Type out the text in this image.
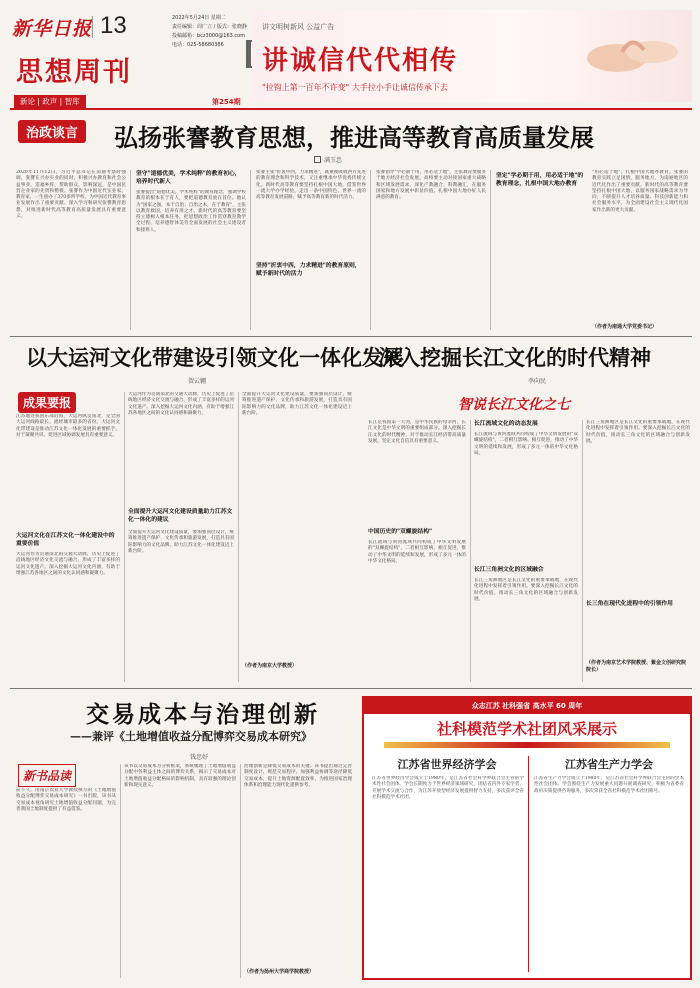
新华日报 13
思想周刊
新论 | 政声 | 智库
2022年5月24日 星期二
责任编辑：周广立 / 版式：张晓静
投稿邮箱：bcz3000@163.com
电话：025-58680386
讲文明树新风 公益广告
讲诚信代代相传
"拉钩上第一百年不许变" 大手拉小手让诚信传承下去
第254期
治政谈言	弘扬张謇教育思想，推进高等教育高质量发展
满玉忠
2020年11月12日，习近平总书记在南通考察时强调，张謇在兴办实业的同时，积极兴办教育和社会公益事业，造福乡梓，帮助群众，影响深远，是中国民营企业家的先贤和楷模。张謇作为中国近代实业家、教育家，一生创办了370多所学校，为中国近代教育事业发展作出了重要贡献。深入学习和研究张謇教育思想，对推进新时代高等教育高质量发展具有重要意义。
坚守"道德优美，学术纯粹"的教育初心，培养时代新人
张謇提出"道德优美，学术纯粹"的教育理念，强调学校教育的根本在于育人，要把道德教育放在首位。他认为"国家之强，本于自治；自治之本，在于教育"，主张以教育救国，培养有用之才。新时代的高等教育要坚持立德树人根本任务，把思想政治工作贯穿教育教学全过程，培养德智体美劳全面发展的社会主义建设者和接班人。
坚持"折衷中西，力求精进"的教育原则，赋予新时代的活力
张謇主张"折衷中西，力求精进"，既重视吸收西方先进的教育理念和科学技术，又注重继承中华优秀传统文化。新时代高等教育要坚持扎根中国大地，借鉴世界一流大学办学经验，走出一条中国特色、世界一流的高等教育发展道路，赋予高等教育新的时代活力。
张謇倡导"学必期于用，用必适于地"，主张教育要服务于地方经济社会发展。高校要主动对接国家重大战略和区域发展需求，深化产教融合、科教融汇，在服务国家和地方发展中彰显价值，扎根中国大地办好人民满意的教育。
坚定"学必期于用，用必适于地"的教育理念，扎根中国大地办教育
"用必适于地"，扎根中国大地办教育。张謇的教育实践立足国情，服务地方，为南通地区的近代化作出了重要贡献。新时代的高等教育要坚持扎根中国大地，以服务国家战略需求为导向，不断提升人才培养质量、科技创新能力和社会服务水平，为全面建设社会主义现代化国家作出新的更大贡献。
（作者为南通大学党委书记）
以大运河文化带建设引领文化一体化发展
贺云翱
成果要报
江苏地处我国东部沿海，大运河纵贯南北，是全国大运河线路最长、流经城市最多的省份。大运河文化带建设是推动江苏文化一体化发展的重要抓手，对于凝聚共识、促进区域协调发展具有重要意义。
大运河文化在江苏文化一体化建设中的重要价值
大运河作为贯通南北的交通大动脉，历史上促进了沿线地区经济文化交流与融合，形成了丰富多样的运河文化遗产。深入挖掘大运河文化内涵，有助于增强江苏各地区之间的文化认同感和凝聚力。
大运河作为贯通南北的交通大动脉，历史上促进了沿线地区经济文化交流与融合，形成了丰富多样的运河文化遗产。深入挖掘大运河文化内涵，有助于增强江苏各地区之间的文化认同感和凝聚力。
全面提升大运河文化建设质量助力江苏文化一体化的建议
全面提升大运河文化建设质量，要加强顶层设计，统筹推进遗产保护、文化传承和旅游发展，打造具有国际影响力的文化品牌，助力江苏文化一体化建设迈上新台阶。
全面提升大运河文化建设质量，要加强顶层设计，统筹推进遗产保护、文化传承和旅游发展，打造具有国际影响力的文化品牌，助力江苏文化一体化建设迈上新台阶。
（作者为南京大学教授）
深入挖掘长江文化的时代精神
李向民
智说长江文化之七
长江是我国第一大河，是中华民族的母亲河，长江文化是中华文明的重要组成部分。深入挖掘长江文化的时代精神，对于推动长江经济带高质量发展、坚定文化自信具有重要意义。
中国历史的"双螺旋结构"
长江流域与黄河流域共同构成了中华文明发展的"双螺旋结构"，二者相互影响、相互促进，推动了中华文明的延续和发展，形成了多元一体的中华文化格局。
长江流域文化的动态发展
长江流域与黄河流域共同构成了中华文明发展的"双螺旋结构"，二者相互影响、相互促进，推动了中华文明的延续和发展，形成了多元一体的中华文化格局。
长江三角洲文化的区域融合
长江三角洲地区是长江文化的重要承载地，在现代化进程中发挥着引领作用。要深入挖掘长江文化的时代价值，推动长三角文化的区域融合与创新发展。
长江三角洲地区是长江文化的重要承载地，在现代化进程中发挥着引领作用。要深入挖掘长江文化的时代价值，推动长三角文化的区域融合与创新发展。
长三角在现代化进程中的引领作用
（作者为南京艺术学院教授、紫金文创研究院院长）
交易成本与治理创新
——兼评《土地增值收益分配博弈交易成本研究》
钱忠好
新书品读
前不久，由南京农业大学教授撰写的《土地增值收益分配博弈交易成本研究》一书出版，该书从交易成本视角研究土地增值收益分配问题，为完善我国土地制度提供了有益借鉴。
该书以交易成本为分析框架，系统梳理了土地增值收益分配中各利益主体之间的博弈关系，揭示了交易成本对土地增值收益分配格局的影响机制，具有较强的理论创新和现实意义。
治理创新是降低交易成本的关键。该书提出通过完善制度设计、规范交易程序、加强利益协调等途径降低交易成本，提升土地资源配置效率，为推进国家治理体系和治理能力现代化提供参考。
（作者为扬州大学商学院教授）
众志江苏 社科强省 高水平 60 周年
社科模范学术社团风采展示
江苏省世界经济学会
江苏省世界经济学会成立于1980年，是江苏省社会科学界联合会主管的学术性社会团体。学会长期致力于世界经济领域研究，团结省内外专家学者，开展学术交流与合作，为江苏开放型经济发展提供智力支持，多次获评全省社科模范学术社团。
江苏省生产力学会
江苏省生产力学会成立于1980年，是江苏省社会科学界联合会主管的学术性社会团体。学会围绕生产力发展重大问题开展调查研究，积极为省委省政府决策提供咨询服务，多次荣获全省社科模范学术社团称号。
